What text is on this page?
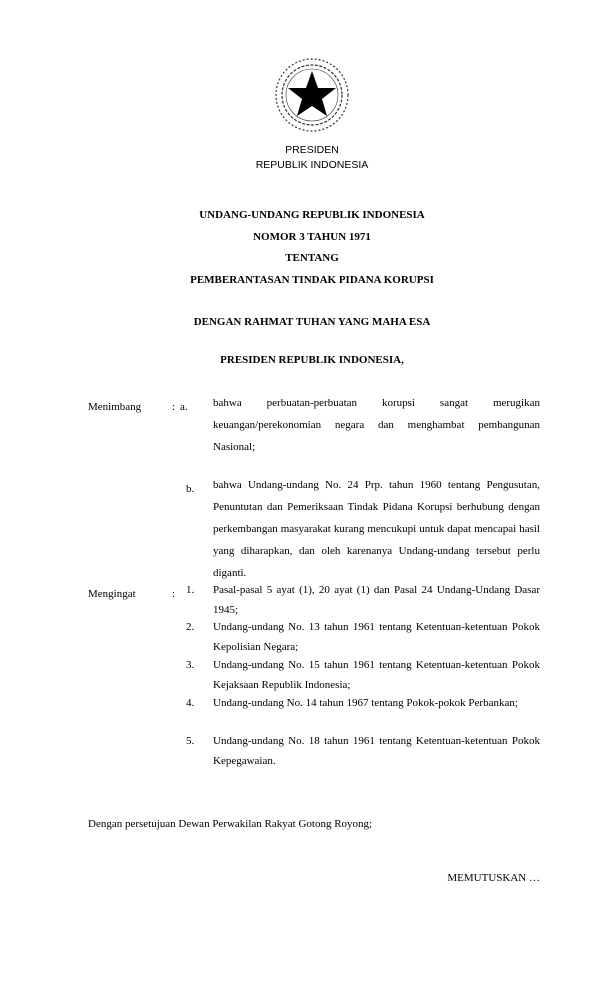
PRESIDEN
REPUBLIK INDONESIA
UNDANG-UNDANG REPUBLIK INDONESIA
NOMOR 3 TAHUN 1971
TENTANG
PEMBERANTASAN TINDAK PIDANA KORUPSI
DENGAN RAHMAT TUHAN YANG MAHA ESA
PRESIDEN REPUBLIK INDONESIA,
Menimbang	: a. bahwa perbuatan-perbuatan korupsi sangat merugikan keuangan/perekonomian negara dan menghambat pembangunan Nasional;
b. bahwa Undang-undang No. 24 Prp. tahun 1960 tentang Pengusutan, Penuntutan dan Pemeriksaan Tindak Pidana Korupsi berhubung dengan perkembangan masyarakat kurang mencukupi untuk dapat mencapai hasil yang diharapkan, dan oleh karenanya Undang-undang tersebut perlu diganti.
Mengingat	: 1. Pasal-pasal 5 ayat (1), 20 ayat (1) dan Pasal 24 Undang-Undang Dasar 1945;
2. Undang-undang No. 13 tahun 1961 tentang Ketentuan-ketentuan Pokok Kepolisian Negara;
3. Undang-undang No. 15 tahun 1961 tentang Ketentuan-ketentuan Pokok Kejaksaan Republik Indonesia;
4. Undang-undang No. 14 tahun 1967 tentang Pokok-pokok Perbankan;
5. Undang-undang No. 18 tahun 1961 tentang Ketentuan-ketentuan Pokok Kepegawaian.
Dengan persetujuan Dewan Perwakilan Rakyat Gotong Royong;
MEMUTUSKAN …
